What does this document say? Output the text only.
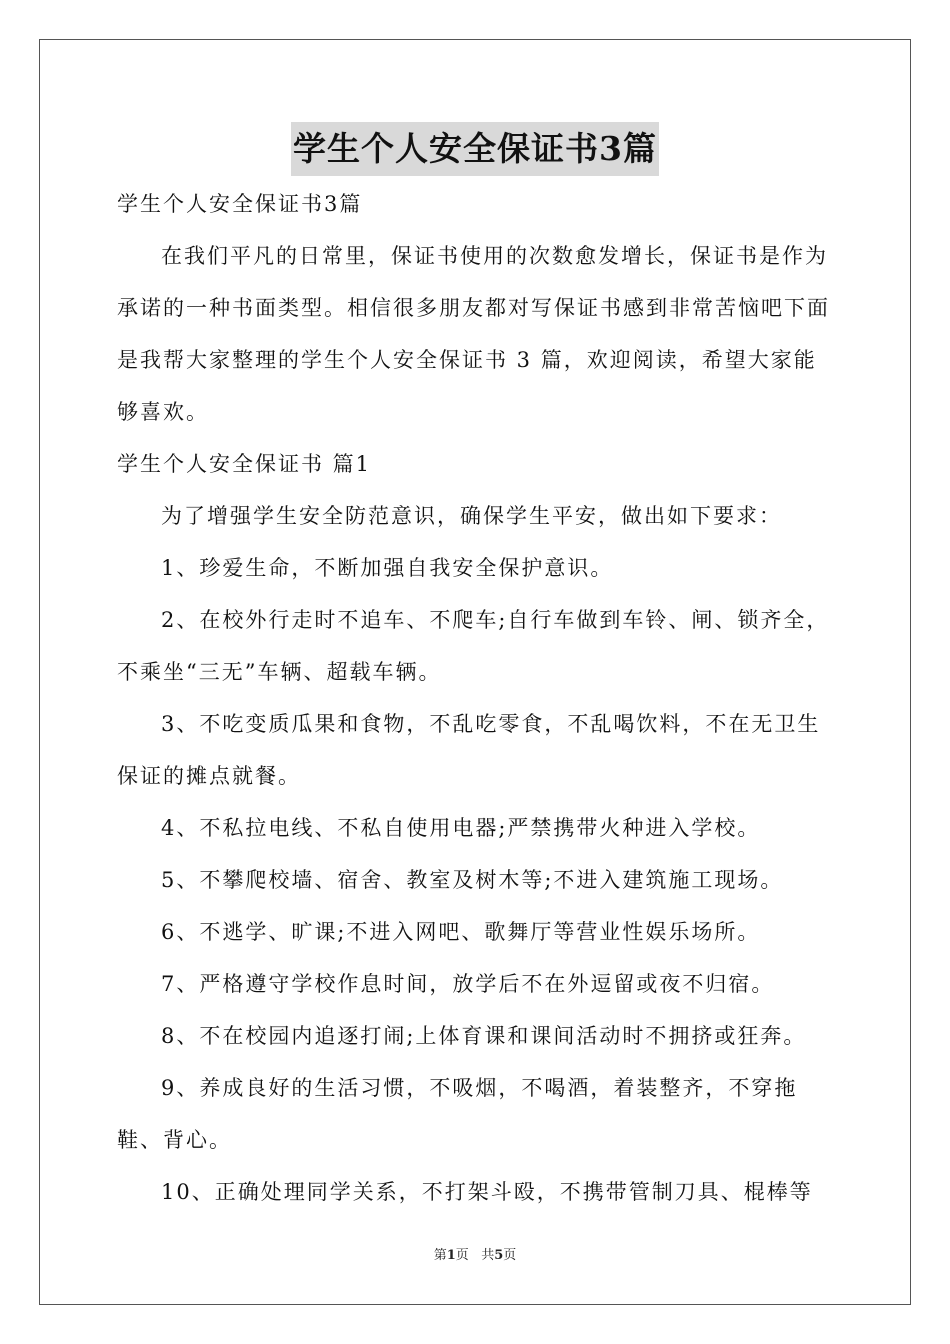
学生个人安全保证书3篇

学生个人安全保证书3篇

在我们平凡的日常里，保证书使用的次数愈发增长，保证书是作为承诺的一种书面类型。相信很多朋友都对写保证书感到非常苦恼吧下面是我帮大家整理的学生个人安全保证书 3 篇，欢迎阅读，希望大家能够喜欢。

学生个人安全保证书 篇1

为了增强学生安全防范意识，确保学生平安，做出如下要求：

1、珍爱生命，不断加强自我安全保护意识。

2、在校外行走时不追车、不爬车;自行车做到车铃、闸、锁齐全，不乘坐“三无”车辆、超载车辆。

3、不吃变质瓜果和食物，不乱吃零食，不乱喝饮料，不在无卫生保证的摊点就餐。

4、不私拉电线、不私自使用电器;严禁携带火种进入学校。

5、不攀爬校墙、宿舍、教室及树木等;不进入建筑施工现场。

6、不逃学、旷课;不进入网吧、歌舞厅等营业性娱乐场所。

7、严格遵守学校作息时间，放学后不在外逗留或夜不归宿。

8、不在校园内追逐打闹;上体育课和课间活动时不拥挤或狂奔。

9、养成良好的生活习惯，不吸烟，不喝酒，着装整齐，不穿拖鞋、背心。

10、正确处理同学关系，不打架斗殴，不携带管制刀具、棍棒等

第1页 共5页
